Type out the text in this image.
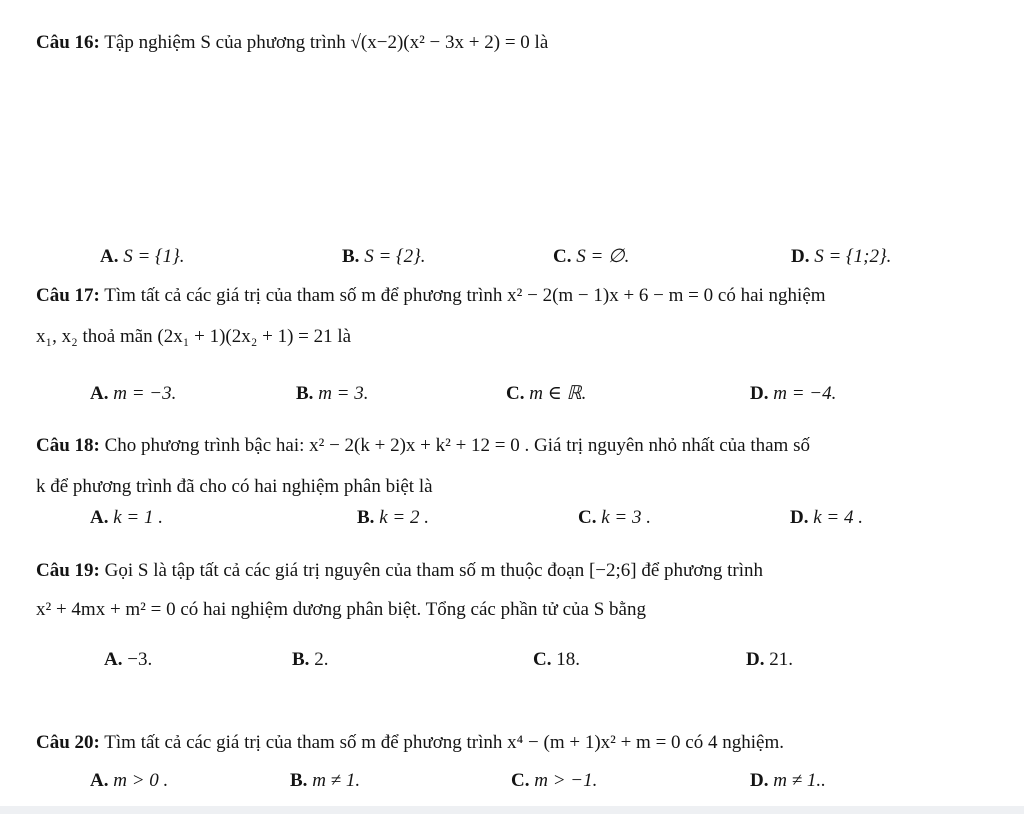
Câu 16: Tập nghiệm S của phương trình √(x−2)(x² − 3x + 2) = 0 là
A. S = {1}.	B. S = {2}.	C. S = ∅.	D. S = {1;2}.
Câu 17: Tìm tất cả các giá trị của tham số m để phương trình x² − 2(m − 1)x + 6 − m = 0 có hai nghiệm
x₁, x₂ thoả mãn (2x₁ + 1)(2x₂ + 1) = 21 là
A. m = −3.	B. m = 3.	C. m ∈ ℝ.	D. m = −4.
Câu 18: Cho phương trình bậc hai: x² − 2(k + 2)x + k² + 12 = 0 . Giá trị nguyên nhỏ nhất của tham số
k để phương trình đã cho có hai nghiệm phân biệt là
A. k = 1 .	B. k = 2 .	C. k = 3 .	D. k = 4 .
Câu 19: Gọi S là tập tất cả các giá trị nguyên của tham số m thuộc đoạn [−2;6] để phương trình
x² + 4mx + m² = 0 có hai nghiệm dương phân biệt. Tổng các phần tử của S bằng
A. −3.	B. 2.	C. 18.	D. 21.
Câu 20: Tìm tất cả các giá trị của tham số m để phương trình x⁴ − (m + 1)x² + m = 0 có 4 nghiệm.
A. m > 0 .	B. m ≠ 1.	C. m > −1.	D. m ≠ 1..
